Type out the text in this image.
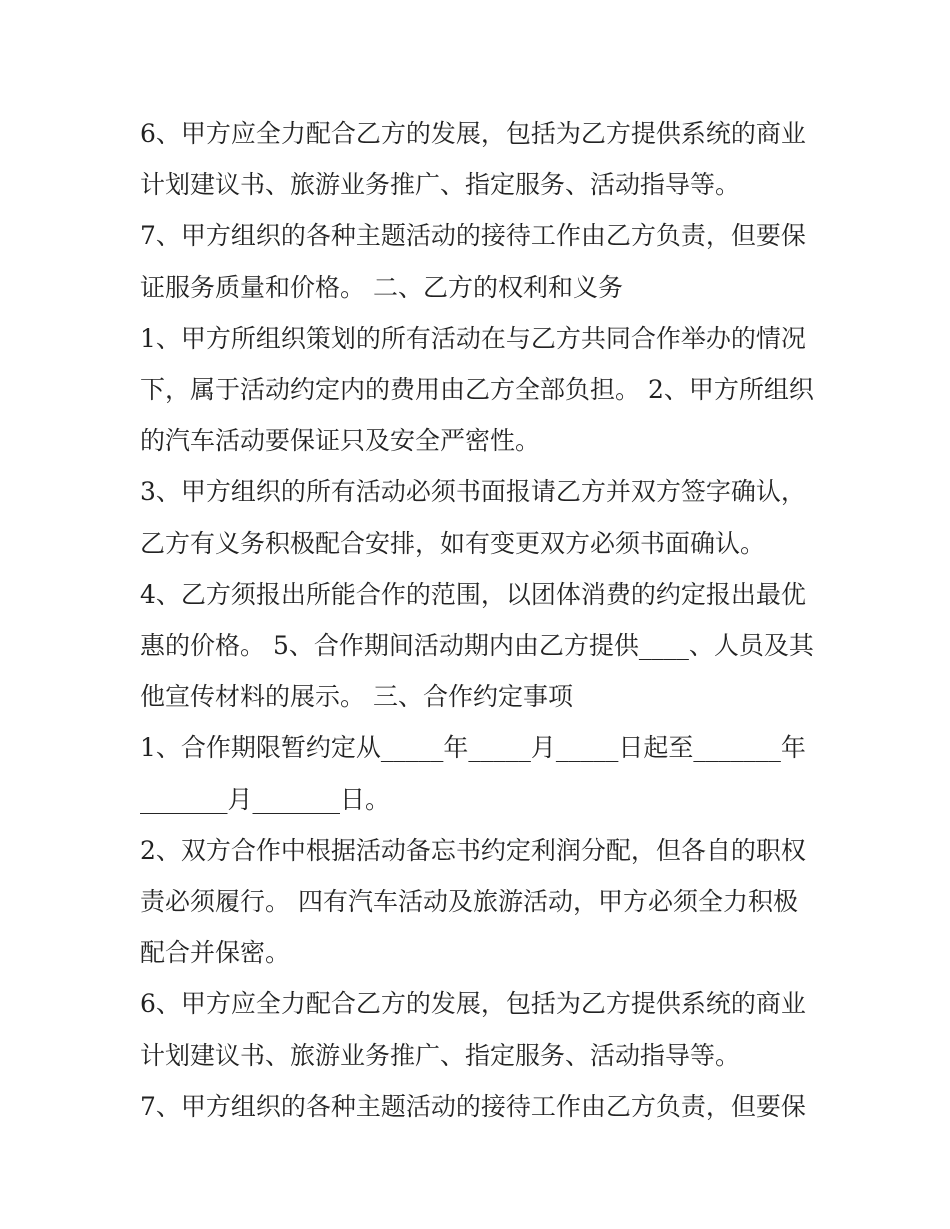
6、甲方应全力配合乙方的发展，包括为乙方提供系统的商业
计划建议书、旅游业务推广、指定服务、活动指导等。

7、甲方组织的各种主题活动的接待工作由乙方负责，但要保
证服务质量和价格。 二、乙方的权利和义务

1、甲方所组织策划的所有活动在与乙方共同合作举办的情况
下，属于活动约定内的费用由乙方全部负担。 2、甲方所组织
的汽车活动要保证只及安全严密性。

3、甲方组织的所有活动必须书面报请乙方并双方签字确认，
乙方有义务积极配合安排，如有变更双方必须书面确认。

4、乙方须报出所能合作的范围，以团体消费的约定报出最优
惠的价格。 5、合作期间活动期内由乙方提供____、人员及其
他宣传材料的展示。 三、合作约定事项

1、合作期限暂约定从_____年_____月_____日起至_______年
_______月_______日。

2、双方合作中根据活动备忘书约定利润分配，但各自的职权
责必须履行。 四有汽车活动及旅游活动，甲方必须全力积极
配合并保密。

6、甲方应全力配合乙方的发展，包括为乙方提供系统的商业
计划建议书、旅游业务推广、指定服务、活动指导等。

7、甲方组织的各种主题活动的接待工作由乙方负责，但要保
